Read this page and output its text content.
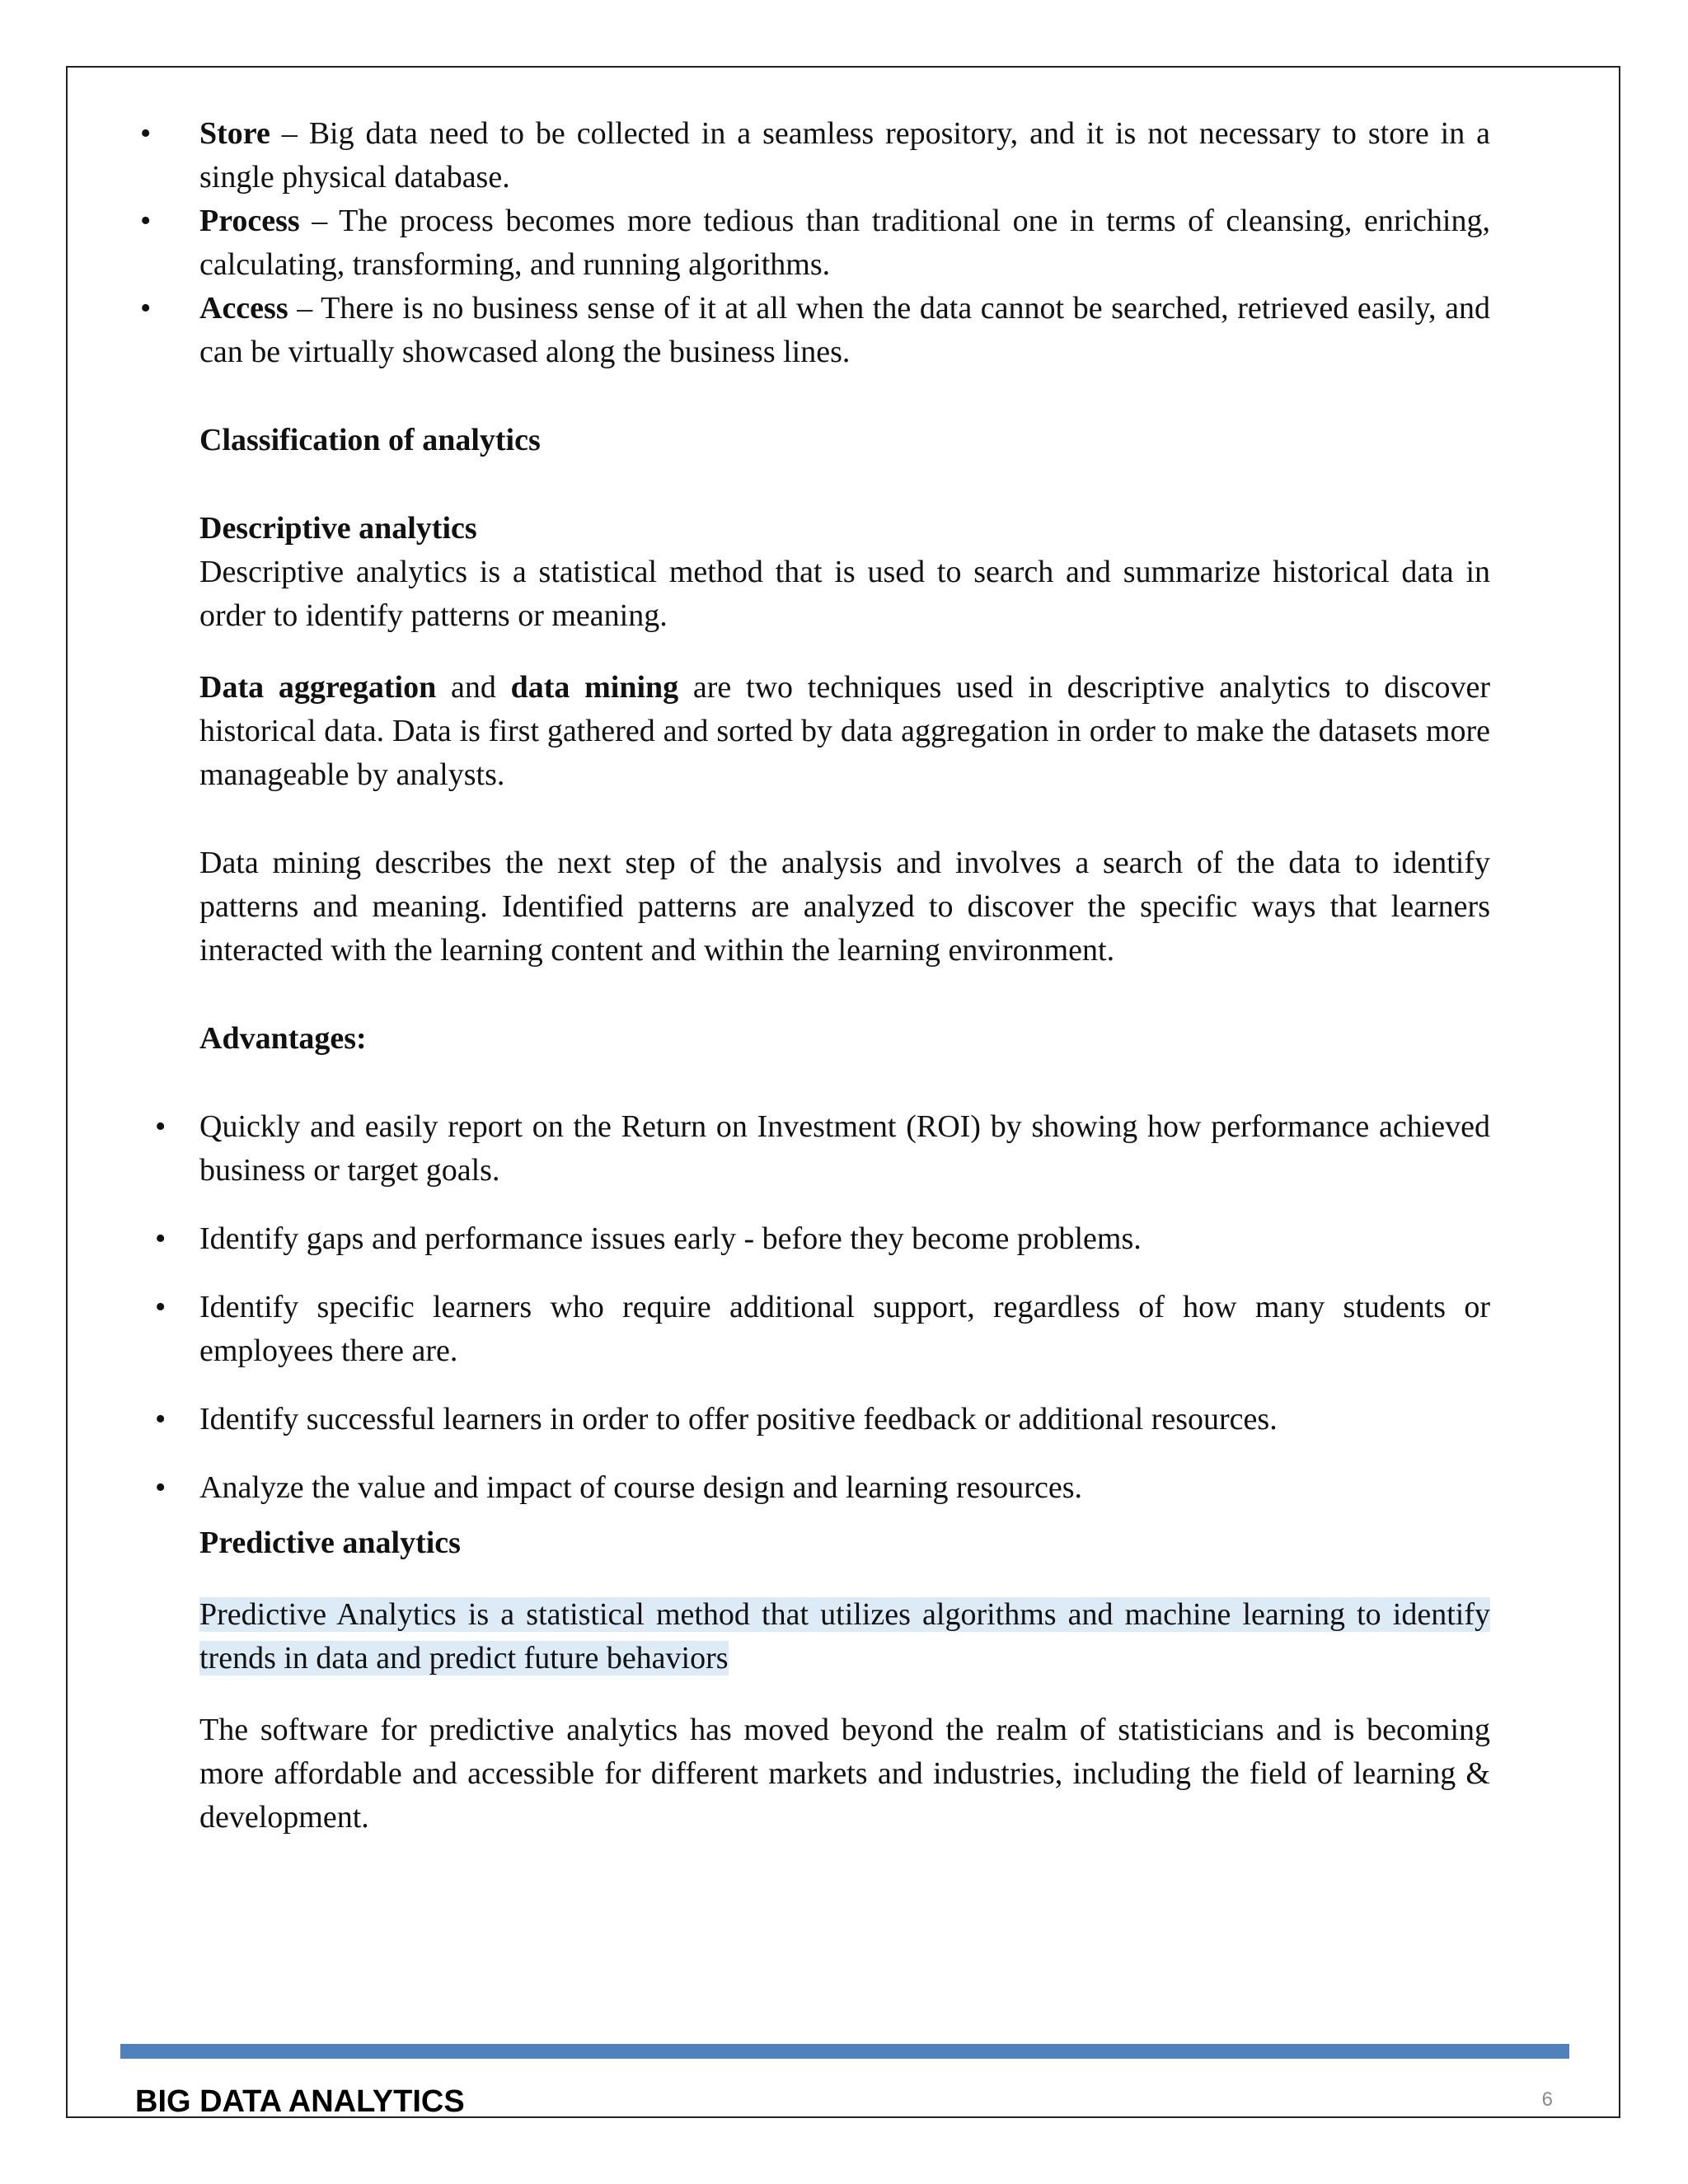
• Store – Big data need to be collected in a seamless repository, and it is not necessary to store in a single physical database.
• Process – The process becomes more tedious than traditional one in terms of cleansing, enriching, calculating, transforming, and running algorithms.
• Access – There is no business sense of it at all when the data cannot be searched, retrieved easily, and can be virtually showcased along the business lines.

Classification of analytics

Descriptive analytics

Descriptive analytics is a statistical method that is used to search and summarize historical data in order to identify patterns or meaning.

Data aggregation and data mining are two techniques used in descriptive analytics to discover historical data. Data is first gathered and sorted by data aggregation in order to make the datasets more manageable by analysts.

Data mining describes the next step of the analysis and involves a search of the data to identify patterns and meaning. Identified patterns are analyzed to discover the specific ways that learners interacted with the learning content and within the learning environment.

Advantages:

• Quickly and easily report on the Return on Investment (ROI) by showing how performance achieved business or target goals.
• Identify gaps and performance issues early - before they become problems.
• Identify specific learners who require additional support, regardless of how many students or employees there are.
• Identify successful learners in order to offer positive feedback or additional resources.
• Analyze the value and impact of course design and learning resources.

Predictive analytics

Predictive Analytics is a statistical method that utilizes algorithms and machine learning to identify trends in data and predict future behaviors

The software for predictive analytics has moved beyond the realm of statisticians and is becoming more affordable and accessible for different markets and industries, including the field of learning & development.

BIG DATA ANALYTICS	6
